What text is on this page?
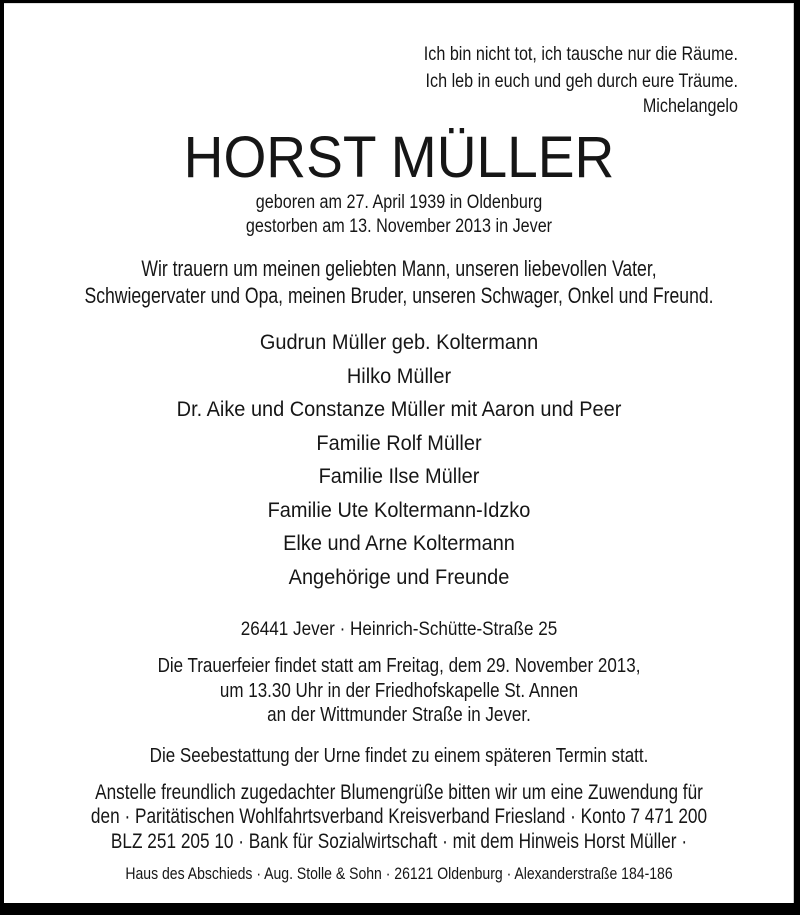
Ich bin nicht tot, ich tausche nur die Räume.
Ich leb in euch und geh durch eure Träume.
Michelangelo
HORST MÜLLER
geboren am 27. April 1939 in Oldenburg
gestorben am 13. November 2013 in Jever
Wir trauern um meinen geliebten Mann, unseren liebevollen Vater,
Schwiegervater und Opa, meinen Bruder, unseren Schwager, Onkel und Freund.
Gudrun Müller geb. Koltermann
Hilko Müller
Dr. Aike und Constanze Müller mit Aaron und Peer
Familie Rolf Müller
Familie Ilse Müller
Familie Ute Koltermann-Idzko
Elke und Arne Koltermann
Angehörige und Freunde
26441 Jever · Heinrich-Schütte-Straße 25
Die Trauerfeier findet statt am Freitag, dem 29. November 2013,
um 13.30 Uhr in der Friedhofskapelle St. Annen
an der Wittmunder Straße in Jever.
Die Seebestattung der Urne findet zu einem späteren Termin statt.
Anstelle freundlich zugedachter Blumengrüße bitten wir um eine Zuwendung für
den · Paritätischen Wohlfahrtsverband Kreisverband Friesland · Konto 7 471 200
BLZ 251 205 10 · Bank für Sozialwirtschaft · mit dem Hinweis Horst Müller ·
Haus des Abschieds · Aug. Stolle & Sohn · 26121 Oldenburg · Alexanderstraße 184-186
